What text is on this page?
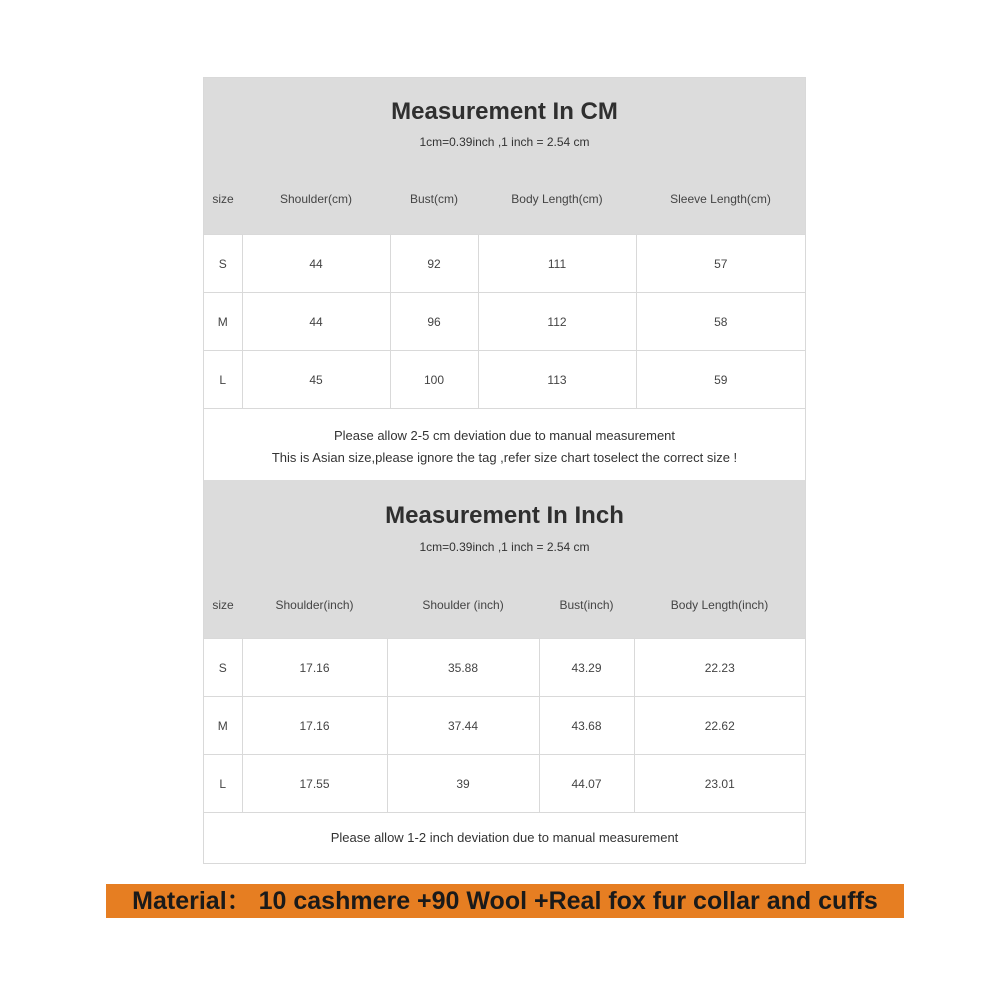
Measurement In CM
1cm=0.39inch ,1 inch = 2.54 cm
size	Shoulder(cm)	Bust(cm)	Body Length(cm)	Sleeve Length(cm)
S	44	92	111	57
M	44	96	112	58
L	45	100	113	59
Please allow 2-5 cm deviation due to manual measurement
This is Asian size,please ignore the tag ,refer size chart toselect the correct size !
Measurement In Inch
1cm=0.39inch ,1 inch = 2.54 cm
size	Shoulder(inch)	Shoulder (inch)	Bust(inch)	Body Length(inch)
S	17.16	35.88	43.29	22.23
M	17.16	37.44	43.68	22.62
L	17.55	39	44.07	23.01
Please allow 1-2 inch deviation due to manual measurement
Material： 10 cashmere +90 Wool +Real fox fur collar and cuffs
